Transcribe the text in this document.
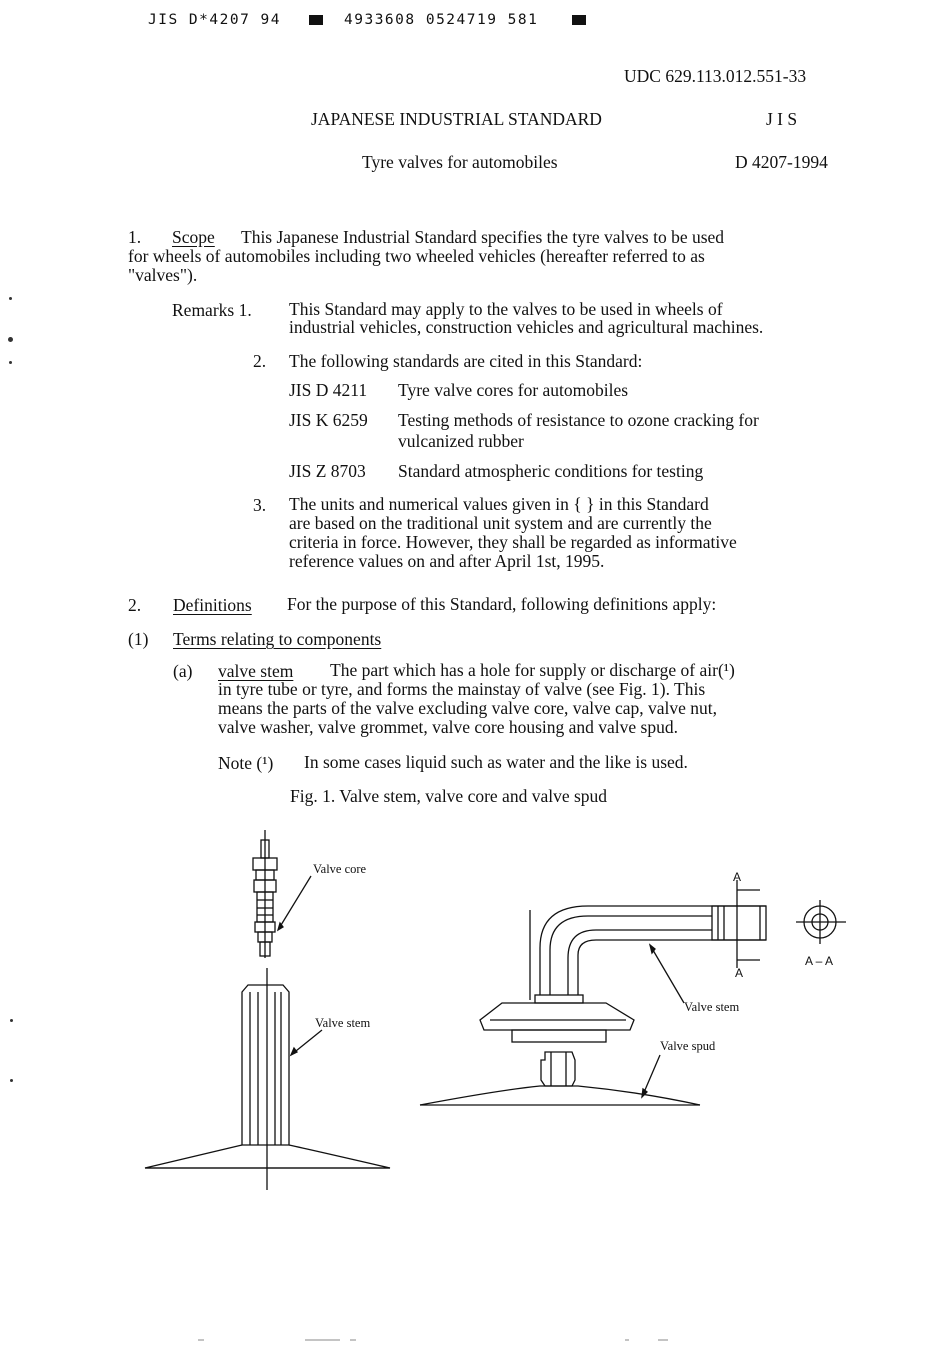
JIS D*4207 94	4933608 0524719 581
UDC 629.113.012.551-33
JAPANESE INDUSTRIAL STANDARD	J I S
Tyre valves for automobiles	D 4207-1994
1. Scope This Japanese Industrial Standard specifies the tyre valves to be used
for wheels of automobiles including two wheeled vehicles (hereafter referred to as
"valves").
Remarks 1. This Standard may apply to the valves to be used in wheels of
industrial vehicles, construction vehicles and agricultural machines.
2. The following standards are cited in this Standard:
JIS D 4211 Tyre valve cores for automobiles
JIS K 6259 Testing methods of resistance to ozone cracking for
vulcanized rubber
JIS Z 8703 Standard atmospheric conditions for testing
3. The units and numerical values given in { } in this Standard
are based on the traditional unit system and are currently the
criteria in force. However, they shall be regarded as informative
reference values on and after April 1st, 1995.
2. Definitions For the purpose of this Standard, following definitions apply:
(1) Terms relating to components
(a) valve stem The part which has a hole for supply or discharge of air(¹)
in tyre tube or tyre, and forms the mainstay of valve (see Fig. 1). This
means the parts of the valve excluding valve core, valve cap, valve nut,
valve washer, valve grommet, valve core housing and valve spud.
Note (¹) In some cases liquid such as water and the like is used.
Fig. 1. Valve stem, valve core and valve spud
Valve core
Valve stem
Valve stem
Valve spud
A
A
A – A
